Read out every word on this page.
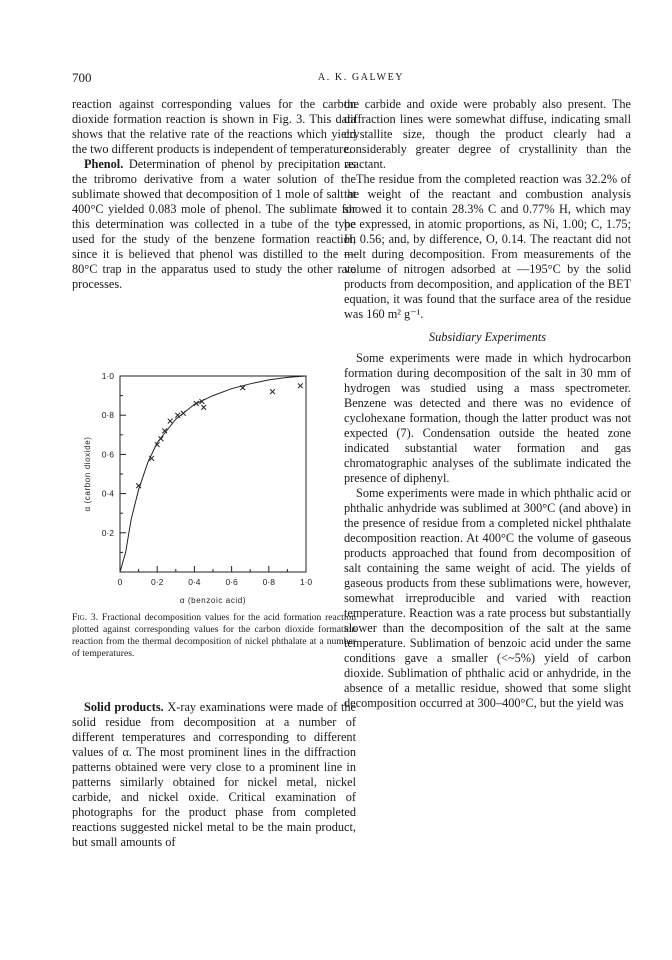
700	A. K. GALWEY

reaction against corresponding values for the carbon dioxide formation reaction is shown in Fig. 3. This data shows that the relative rate of the reactions which yield the two different products is independent of temperature.

Phenol. Determination of phenol by precipitation as the tribromo derivative from a water solution of the sublimate showed that decomposition of 1 mole of salt at 400°C yielded 0.083 mole of phenol. The sublimate for this determination was collected in a tube of the type used for the study of the benzene formation reaction since it is believed that phenol was distilled to the —80°C trap in the apparatus used to study the other rate processes.

0	0·2	0·4	0·6	0·8	1·0
0·2
0·4
0·6
0·8
1·0
α (benzoic acid)
α (carbon dioxide)
Fig. 3. Fractional decomposition values for the acid formation reaction plotted against corresponding values for the carbon dioxide formation reaction from the thermal decomposition of nickel phthalate at a number of temperatures.

Solid products. X-ray examinations were made of the solid residue from decomposition at a number of different temperatures and corresponding to different values of α. The most prominent lines in the diffraction patterns obtained were very close to a prominent line in patterns similarly obtained for nickel metal, nickel carbide, and nickel oxide. Critical examination of photographs for the product phase from completed reactions suggested nickel metal to be the main product, but small amounts of

the carbide and oxide were probably also present. The diffraction lines were somewhat diffuse, indicating small crystallite size, though the product clearly had a considerably greater degree of crystallinity than the reactant.

The residue from the completed reaction was 32.2% of the weight of the reactant and combustion analysis showed it to contain 28.3% C and 0.77% H, which may be expressed, in atomic proportions, as Ni, 1.00; C, 1.75; H, 0.56; and, by difference, O, 0.14. The reactant did not melt during decomposition. From measurements of the volume of nitrogen adsorbed at —195°C by the solid products from decomposition, and application of the BET equation, it was found that the surface area of the residue was 160 m² g⁻¹.

Subsidiary Experiments

Some experiments were made in which hydrocarbon formation during decomposition of the salt in 30 mm of hydrogen was studied using a mass spectrometer. Benzene was detected and there was no evidence of cyclohexane formation, though the latter product was not expected (7). Condensation outside the heated zone indicated substantial water formation and gas chromatographic analyses of the sublimate indicated the presence of diphenyl.

Some experiments were made in which phthalic acid or phthalic anhydride was sublimed at 300°C (and above) in the presence of residue from a completed nickel phthalate decomposition reaction. At 400°C the volume of gaseous products approached that found from decomposition of salt containing the same weight of acid. The yields of gaseous products from these sublimations were, however, somewhat irreproducible and varied with reaction temperature. Reaction was a rate process but substantially slower than the decomposition of the salt at the same temperature. Sublimation of benzoic acid under the same conditions gave a smaller (<~5%) yield of carbon dioxide. Sublimation of phthalic acid or anhydride, in the absence of a metallic residue, showed that some slight decomposition occurred at 300–400°C, but the yield was
